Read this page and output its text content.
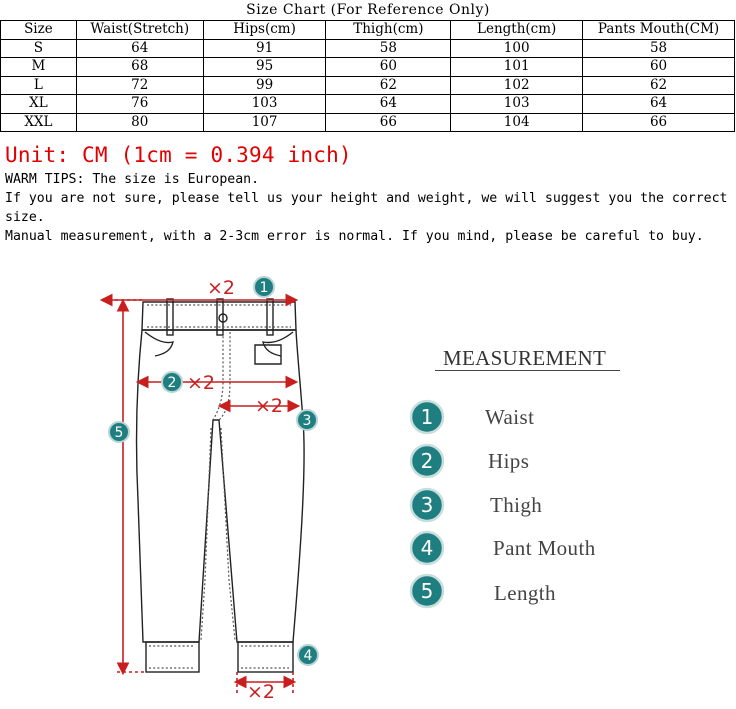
Size Chart (For Reference Only)
Size	Waist(Stretch)	Hips(cm)	Thigh(cm)	Length(cm)	Pants Mouth(CM)
S	64	91	58	100	58
M	68	95	60	101	60
L	72	99	62	102	62
XL	76	103	64	103	64
XXL	80	107	66	104	66
Unit: CM (1cm = 0.394 inch)

WARM TIPS: The size is European.

If you are not sure, please tell us your height and weight, we will suggest you the correct size.

Manual measurement, with a 2-3cm error is normal. If you mind, please be careful to buy.

×2
×2
×2
×2
1
2
3
4
5
MEASUREMENT
1 Waist
2	Hips
3	Thigh
4	Pant Mouth
5	Length
